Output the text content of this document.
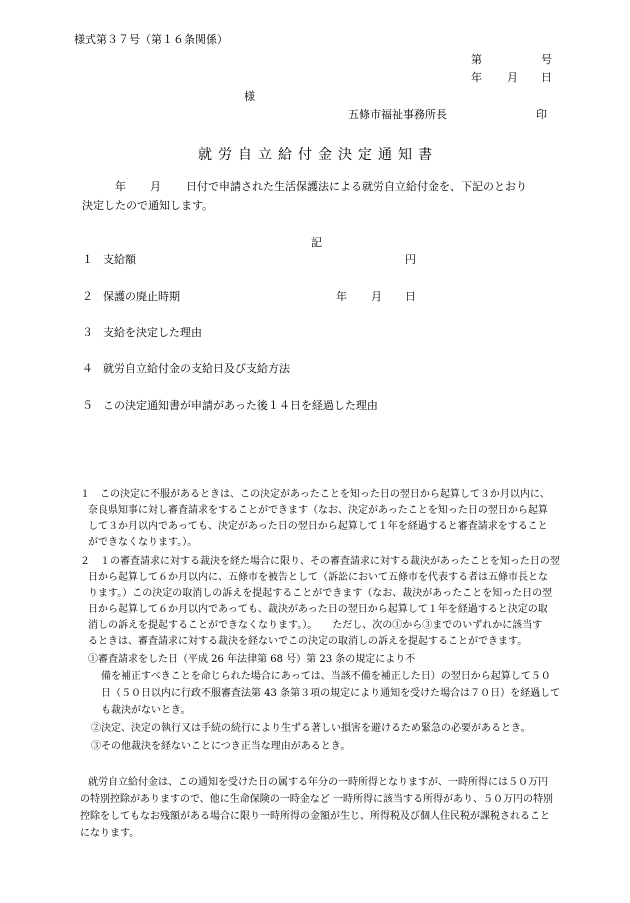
様式第３７号（第１６条関係）
第	号
年 月 日
様
五條市福祉事務所長	印
就労自立給付金決定通知書
年 月 日付で申請された生活保護法による就労自立給付金を、下記のとおり
決定したので通知します。
記
１ 支給額	円
２ 保護の廃止時期	年 月 日
３ 支給を決定した理由
４ 就労自立給付金の支給日及び支給方法
５ この決定通知書が申請があった後１４日を経過した理由
１　この決定に不服があるときは、この決定があったことを知った日の翌日から起算して３か月以内に、
奈良県知事に対し審査請求をすることができます（なお、決定があったことを知った日の翌日から起算
して３か月以内であっても、決定があった日の翌日から起算して１年を経過すると審査請求をすること
ができなくなります。）。
２　１の審査請求に対する裁決を経た場合に限り、その審査請求に対する裁決があったことを知った日の翌
日から起算して６か月以内に、五條市を被告として（訴訟において五條市を代表する者は五條市長とな
ります。）この決定の取消しの訴えを提起することができます（なお、裁決があったことを知った日の翌
日から起算して６か月以内であっても、裁決があった日の翌日から起算して１年を経過すると決定の取
消しの訴えを提起することができなくなります。）。　　ただし、次の①から③までのいずれかに該当す
るときは、審査請求に対する裁決を経ないでこの決定の取消しの訴えを提起することができます。
①審査請求をした日（平成 26 年法律第 68 号）第 23 条の規定により不
備を補正すべきことを命じられた場合にあっては、当該不備を補正した日）の翌日から起算して５０
日（５０日以内に行政不服審査法第 43 条第３項の規定により通知を受けた場合は７０日）を経過して
も裁決がないとき。
②決定、決定の執行又は手続の続行により生ずる著しい損害を避けるため緊急の必要があるとき。
③その他裁決を経ないことにつき正当な理由があるとき。
就労自立給付金は、この通知を受けた日の属する年分の一時所得となりますが、一時所得には５０万円
の特別控除がありますので、他に生命保険の一時金など 一時所得に該当する所得があり、５０万円の特別
控除をしてもなお残額がある場合に限り一時所得の金額が生じ、所得税及び個人住民税が課税されること
になります。
